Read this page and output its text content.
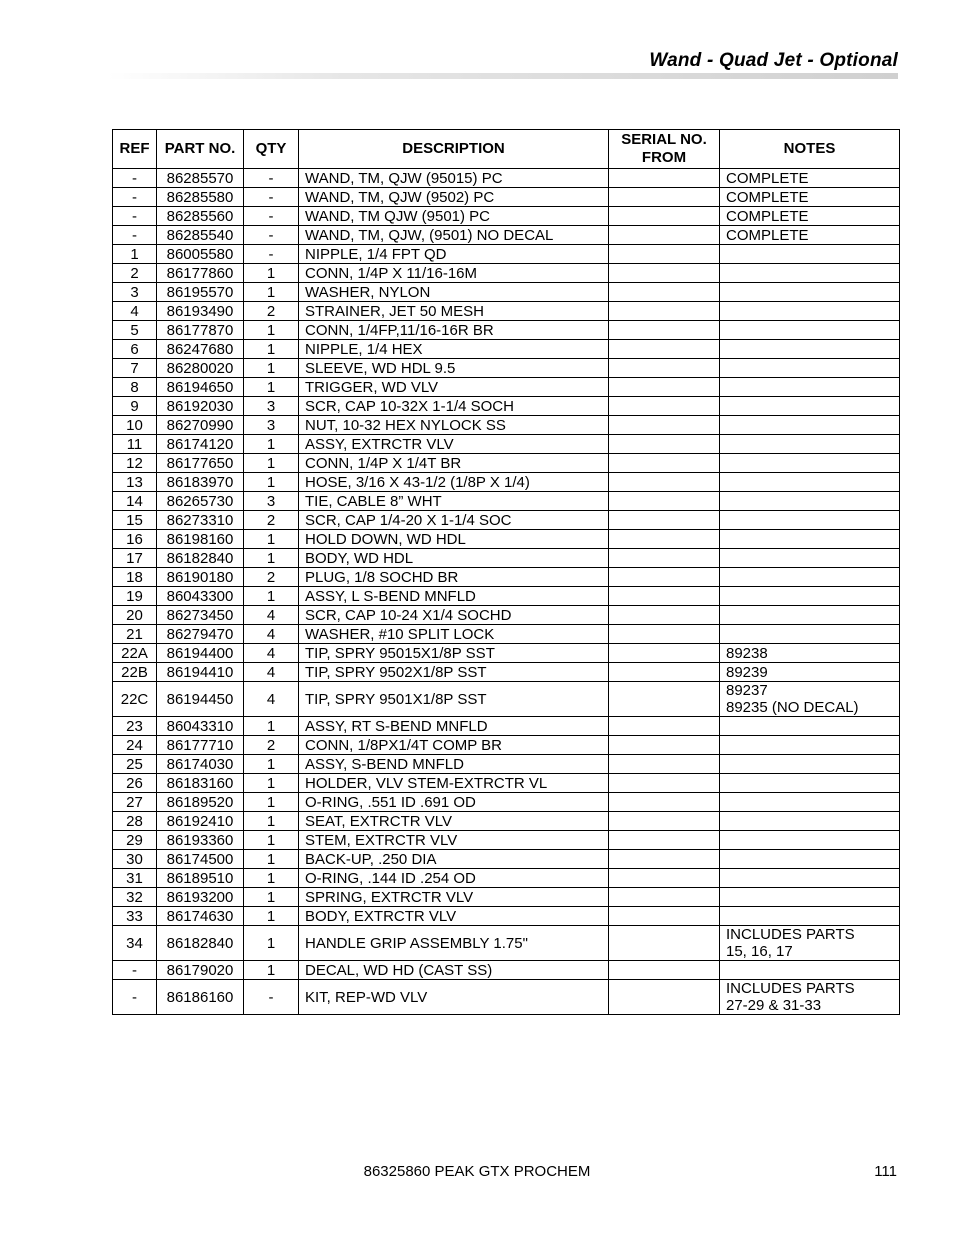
Wand - Quad Jet - Optional
REF	PART NO.	QTY	DESCRIPTION	SERIAL NO. FROM	NOTES
-	86285570	-	WAND, TM, QJW (95015) PC		COMPLETE
-	86285580	-	WAND, TM, QJW (9502) PC		COMPLETE
-	86285560	-	WAND, TM QJW (9501) PC		COMPLETE
-	86285540	-	WAND, TM, QJW, (9501) NO DECAL		COMPLETE
1	86005580	-	NIPPLE, 1/4 FPT QD		
2	86177860	1	CONN, 1/4P X 11/16-16M		
3	86195570	1	WASHER, NYLON		
4	86193490	2	STRAINER, JET 50 MESH		
5	86177870	1	CONN, 1/4FP,11/16-16R BR		
6	86247680	1	NIPPLE, 1/4 HEX		
7	86280020	1	SLEEVE, WD HDL 9.5		
8	86194650	1	TRIGGER, WD VLV		
9	86192030	3	SCR, CAP 10-32X 1-1/4 SOCH		
10	86270990	3	NUT, 10-32 HEX NYLOCK SS		
11	86174120	1	ASSY, EXTRCTR VLV		
12	86177650	1	CONN, 1/4P X 1/4T BR		
13	86183970	1	HOSE, 3/16 X 43-1/2 (1/8P X 1/4)		
14	86265730	3	TIE, CABLE 8” WHT		
15	86273310	2	SCR, CAP 1/4-20 X 1-1/4 SOC		
16	86198160	1	HOLD DOWN, WD HDL		
17	86182840	1	BODY, WD HDL		
18	86190180	2	PLUG, 1/8 SOCHD BR		
19	86043300	1	ASSY, L S-BEND MNFLD		
20	86273450	4	SCR, CAP 10-24 X1/4 SOCHD		
21	86279470	4	WASHER, #10 SPLIT LOCK		
22A	86194400	4	TIP, SPRY 95015X1/8P SST		89238
22B	86194410	4	TIP, SPRY 9502X1/8P SST		89239
22C	86194450	4	TIP, SPRY 9501X1/8P SST		89237
89235 (NO DECAL)
23	86043310	1	ASSY, RT S-BEND MNFLD		
24	86177710	2	CONN, 1/8PX1/4T COMP BR		
25	86174030	1	ASSY, S-BEND MNFLD		
26	86183160	1	HOLDER, VLV STEM-EXTRCTR VL		
27	86189520	1	O-RING, .551 ID .691 OD		
28	86192410	1	SEAT, EXTRCTR VLV		
29	86193360	1	STEM, EXTRCTR VLV		
30	86174500	1	BACK-UP, .250 DIA		
31	86189510	1	O-RING, .144 ID .254 OD		
32	86193200	1	SPRING, EXTRCTR VLV		
33	86174630	1	BODY, EXTRCTR VLV		
34	86182840	1	HANDLE GRIP ASSEMBLY 1.75"		INCLUDES PARTS
15, 16, 17
-	86179020	1	DECAL, WD HD (CAST SS)		
-	86186160	-	KIT, REP-WD VLV		INCLUDES PARTS
27-29 & 31-33
86325860 PEAK GTX PROCHEM	111
